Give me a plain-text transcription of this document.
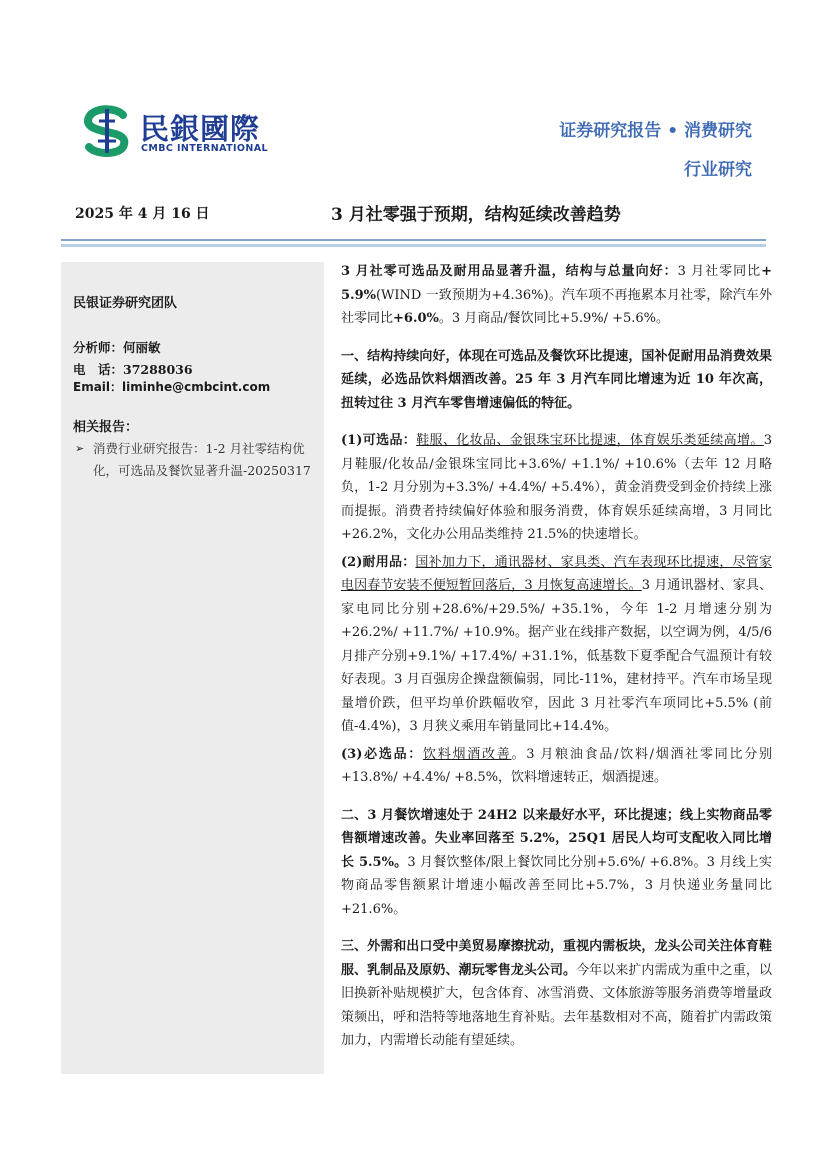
民銀國際
CMBC INTERNATIONAL
证券研究报告 • 消费研究
行业研究
2025 年 4 月 16 日	3 月社零强于预期，结构延续改善趋势
民银证券研究团队
分析师：何丽敏
电　话：37288036
Email：liminhe@cmbcint.com
相关报告：
➢ 消费行业研究报告：1-2 月社零结构优化，可选品及餐饮显著升温-20250317

3 月社零可选品及耐用品显著升温，结构与总量向好：3 月社零同比+ 5.9%(WIND 一致预期为+4.36%)。汽车项不再拖累本月社零，除汽车外社零同比+6.0%。3 月商品/餐饮同比+5.9%/ +5.6%。

一、结构持续向好，体现在可选品及餐饮环比提速，国补促耐用品消费效果延续，必选品饮料烟酒改善。25 年 3 月汽车同比增速为近 10 年次高，扭转过往 3 月汽车零售增速偏低的特征。

(1)可选品：鞋服、化妆品、金银珠宝环比提速，体育娱乐类延续高增。3 月鞋服/化妆品/金银珠宝同比+3.6%/ +1.1%/ +10.6%（去年 12 月略负，1-2 月分别为+3.3%/ +4.4%/ +5.4%），黄金消费受到金价持续上涨而提振。消费者持续偏好体验和服务消费，体育娱乐延续高增，3 月同比+26.2%，文化办公用品类维持 21.5%的快速增长。

(2)耐用品：国补加力下，通讯器材、家具类、汽车表现环比提速，尽管家电因春节安装不便短暂回落后，3 月恢复高速增长。3 月通讯器材、家具、家电同比分别+28.6%/+29.5%/ +35.1%，今年 1-2 月增速分别为+26.2%/ +11.7%/ +10.9%。据产业在线排产数据，以空调为例，4/5/6 月排产分别+9.1%/ +17.4%/ +31.1%，低基数下夏季配合气温预计有较好表现。3 月百强房企操盘额偏弱，同比-11%，建材持平。汽车市场呈现量增价跌，但平均单价跌幅收窄，因此 3 月社零汽车项同比+5.5% (前值-4.4%)，3 月狭义乘用车销量同比+14.4%。

(3)必选品：饮料烟酒改善。3 月粮油食品/饮料/烟酒社零同比分别+13.8%/ +4.4%/ +8.5%，饮料增速转正，烟酒提速。

二、3 月餐饮增速处于 24H2 以来最好水平，环比提速；线上实物商品零售额增速改善。失业率回落至 5.2%，25Q1 居民人均可支配收入同比增长 5.5%。3 月餐饮整体/限上餐饮同比分别+5.6%/ +6.8%。3 月线上实物商品零售额累计增速小幅改善至同比+5.7%，3 月快递业务量同比+21.6%。

三、外需和出口受中美贸易摩擦扰动，重视内需板块，龙头公司关注体育鞋服、乳制品及原奶、潮玩零售龙头公司。今年以来扩内需成为重中之重，以旧换新补贴规模扩大，包含体育、冰雪消费、文体旅游等服务消费等增量政策频出，呼和浩特等地落地生育补贴。去年基数相对不高，随着扩内需政策加力，内需增长动能有望延续。
